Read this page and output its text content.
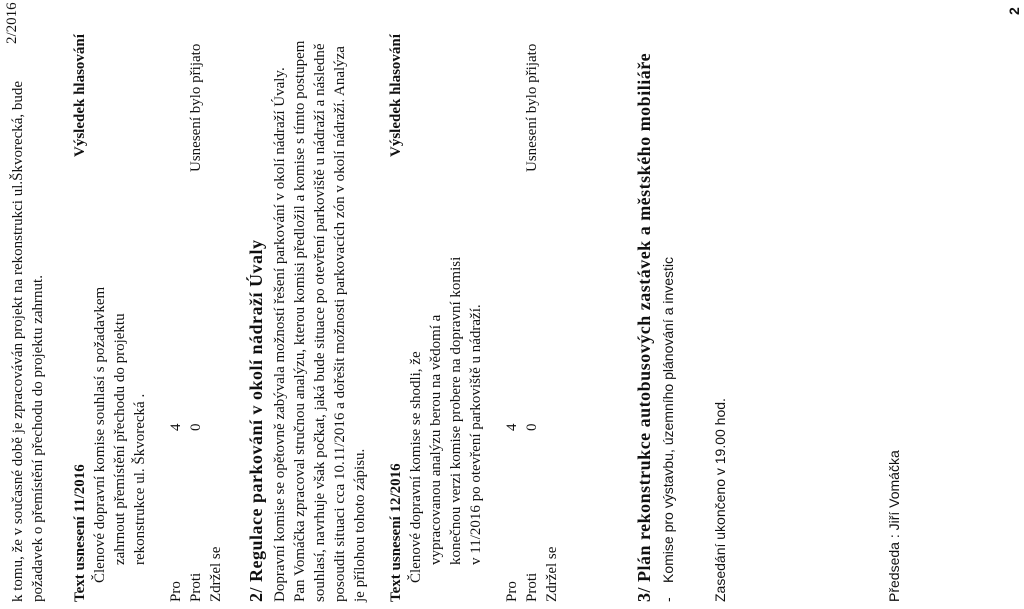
2/2016
k tomu, že v současné době je zpracováván projekt na rekonstrukci ul.Škvorecká, bude požadavek o přemístění přechodu do projektu zahrnut. Text usnesení 11/2016
Výsledek hlasování
Členové dopravní komise souhlasí s požadavkem zahrnout přemístění přechodu do projektu rekonstrukce ul. Škvorecká .
Pro
4
Proti
0
Zdržel se
Usnesení bylo přijato
2/ Regulace parkování v okolí nádraží Úvaly Dopravní komise se opětovně zabývala možností řešení parkování v okolí nádraží Úvaly. Pan Vomáčka zpracoval stručnou analýzu, kterou komisi předložil a komise s tímto postupem souhlasí, navrhuje však počkat, jaká bude situace po otevření parkoviště u nádraží a následně posoudit situaci cca 10.11/2016 a dořešit možnosti parkovacích zón v okolí nádraží. Analýza je přílohou tohoto zápisu. Text usnesení 12/2016
Výsledek hlasování
Členové dopravní komise se shodli, že vypracovanou analýzu berou na vědomí a konečnou verzi komise probere na dopravní komisi v 11/2016 po otevření parkoviště u nádraží.
Pro
4
Proti
0
Zdržel se
Usnesení bylo přijato	3/ Plán rekonstrukce autobusových zastávek a městského mobiliáře -
Komise pro výstavbu, územního plánování a investic	Zasedání ukončeno v 19.00 hod.	Předseda : Jiří Vomáčka
2
